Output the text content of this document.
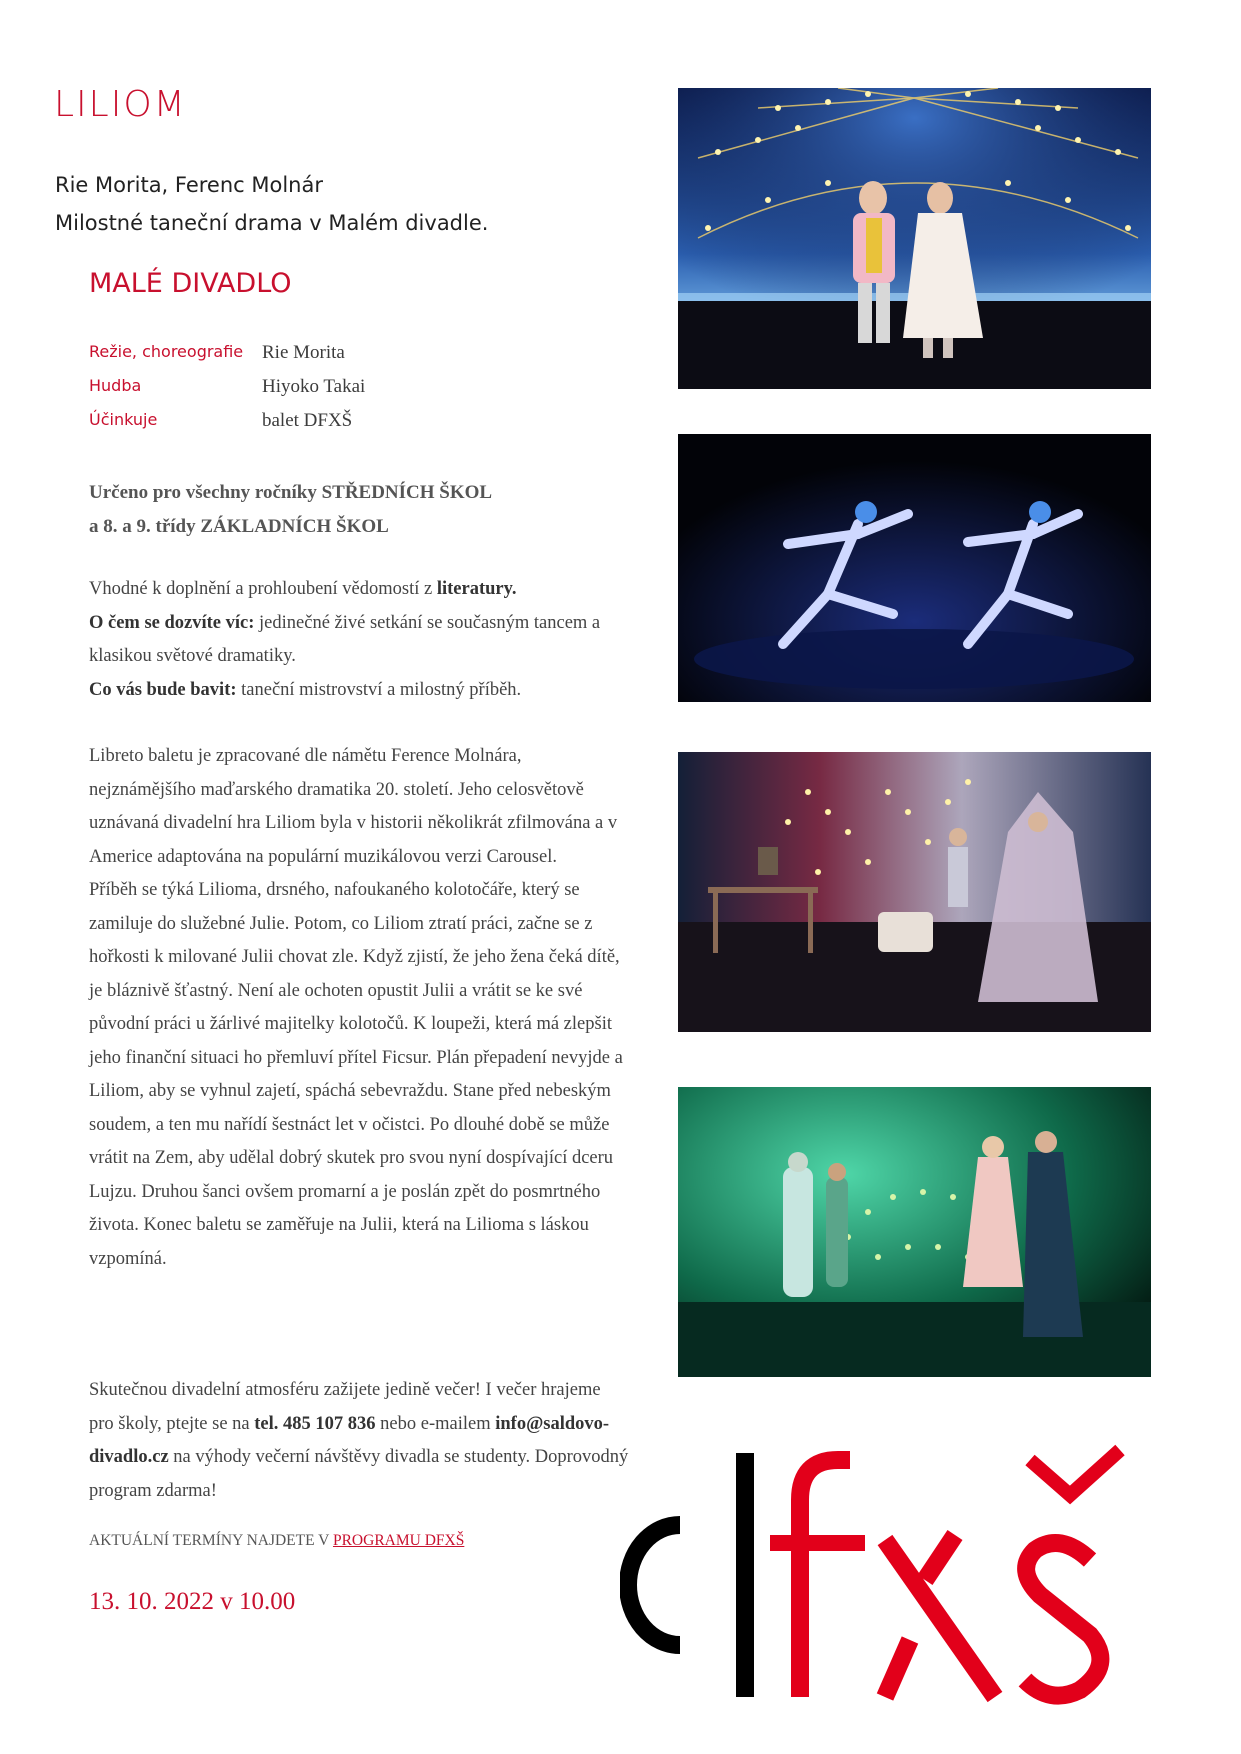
LILIOM
Rie Morita, Ferenc Molnár
Milostné taneční drama v Malém divadle.
MALÉ DIVADLO
Režie, choreografie Rie Morita
Hudba	Hiyoko Takai
Účinkuje	balet DFXŠ
Určeno pro všechny ročníky STŘEDNÍCH ŠKOL
a 8. a 9. třídy ZÁKLADNÍCH ŠKOL
Vhodné k doplnění a prohloubení vědomostí z literatury.
O čem se dozvíte víc: jedinečné živé setkání se současným tancem a klasikou světové dramatiky.
Co vás bude bavit: taneční mistrovství a milostný příběh.
Libreto baletu je zpracované dle námětu Ference Molnára, nejznámějšího maďarského dramatika 20. století. Jeho celosvětově uznávaná divadelní hra Liliom byla v historii několikrát zfilmována a v Americe adaptována na populární muzikálovou verzi Carousel.
Příběh se týká Lilioma, drsného, nafoukaného kolotočáře, který se zamiluje do služebné Julie. Potom, co Liliom ztratí práci, začne se z hořkosti k milované Julii chovat zle. Když zjistí, že jeho žena čeká dítě, je bláznivě šťastný. Není ale ochoten opustit Julii a vrátit se ke své původní práci u žárlivé majitelky kolotočů. K loupeži, která má zlepšit jeho finanční situaci ho přemluví přítel Ficsur. Plán přepadení nevyjde a Liliom, aby se vyhnul zajetí, spáchá sebevraždu. Stane před nebeským soudem, a ten mu nařídí šestnáct let v očistci. Po dlouhé době se může vrátit na Zem, aby udělal dobrý skutek pro svou nyní dospívající dceru Lujzu. Druhou šanci ovšem promarní a je poslán zpět do posmrtného života. Konec baletu se zaměřuje na Julii, která na Lilioma s láskou vzpomíná.
Skutečnou divadelní atmosféru zažijete jedině večer! I večer hrajeme pro školy, ptejte se na tel. 485 107 836 nebo e-mailem info@saldovo-divadlo.cz na výhody večerní návštěvy divadla se studenty. Doprovodný program zdarma!
AKTUÁLNÍ TERMÍNY NAJDETE V PROGRAMU DFXŠ
13. 10. 2022 v 10.00
